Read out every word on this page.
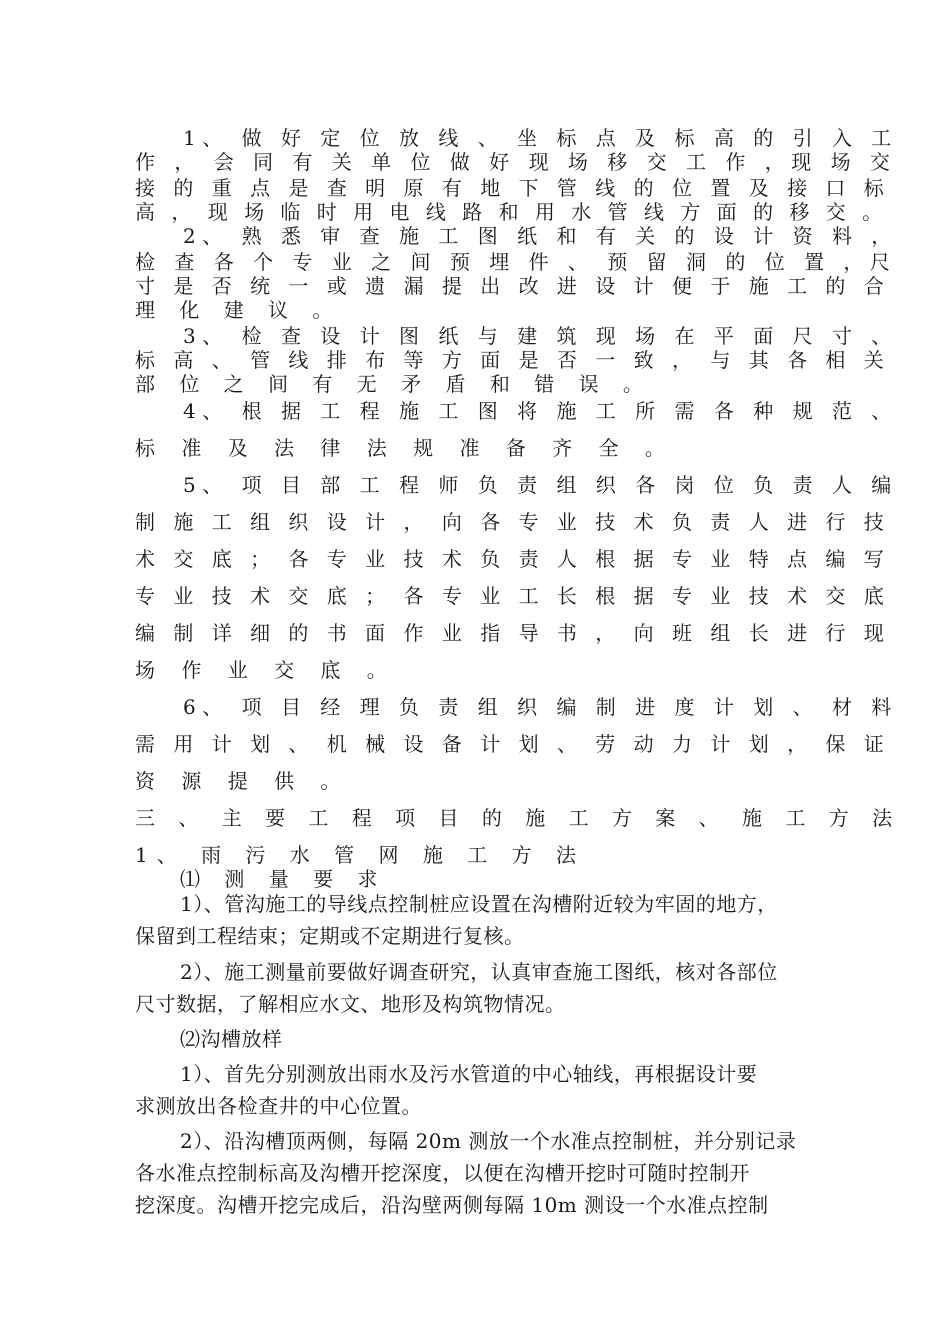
1、 做 好 定 位 放 线 、 坐 标 点 及 标 高 的 引 入 工
作 ， 会 同 有 关 单 位 做 好 现 场 移 交 工 作 ，现 场 交
接 的 重 点 是 查 明 原 有 地 下 管 线 的 位 置 及 接 口 标
高 ， 现 场 临 时 用 电 线 路 和 用 水 管 线 方 面 的 移 交 。
2、 熟 悉 审 查 施 工 图 纸 和 有 关 的 设 计 资 料 ，
检 查 各 个 专 业 之 间 预 埋 件 、 预 留 洞 的 位 置 ，尺
寸 是 否 统 一 或 遗 漏 提 出 改 进 设 计 便 于 施 工 的 合
理 化 建 议 。
3、 检 查 设 计 图 纸 与 建 筑 现 场 在 平 面 尺 寸 、
标 高 、 管 线 排 布 等 方 面 是 否 一 致 ， 与 其 各 相 关
部 位 之 间 有 无 矛 盾 和 错 误 。
4、 根 据 工 程 施 工 图 将 施 工 所 需 各 种 规 范 、
标 准 及 法 律 法 规 准 备 齐 全 。
5、 项 目 部 工 程 师 负 责 组 织 各 岗 位 负 责 人 编
制 施 工 组 织 设 计 ， 向 各 专 业 技 术 负 责 人 进 行 技
术 交 底 ； 各 专 业 技 术 负 责 人 根 据 专 业 特 点 编 写
专 业 技 术 交 底 ； 各 专 业 工 长 根 据 专 业 技 术 交 底
编 制 详 细 的 书 面 作 业 指 导 书 ， 向 班 组 长 进 行 现
场 作 业 交 底 。
6、 项 目 经 理 负 责 组 织 编 制 进 度 计 划 、 材 料
需 用 计 划 、 机 械 设 备 计 划 、 劳 动 力 计 划 ， 保 证
资 源 提 供 。
三 、 主 要 工 程 项 目 的 施 工 方 案 、 施 工 方 法
1、 雨 污 水 管 网 施 工 方 法
⑴ 测 量 要 求
1）、管沟施工的导线点控制桩应设置在沟槽附近较为牢固的地方，
保留到工程结束；定期或不定期进行复核。
2）、施工测量前要做好调查研究，认真审查施工图纸，核对各部位
尺寸数据，了解相应水文、地形及构筑物情况。
⑵沟槽放样
1）、首先分别测放出雨水及污水管道的中心轴线，再根据设计要
求测放出各检查井的中心位置。
2）、沿沟槽顶两侧，每隔 20m 测放一个水准点控制桩，并分别记录
各水准点控制标高及沟槽开挖深度，以便在沟槽开挖时可随时控制开
挖深度。沟槽开挖完成后，沿沟壁两侧每隔 10m 测设一个水准点控制
